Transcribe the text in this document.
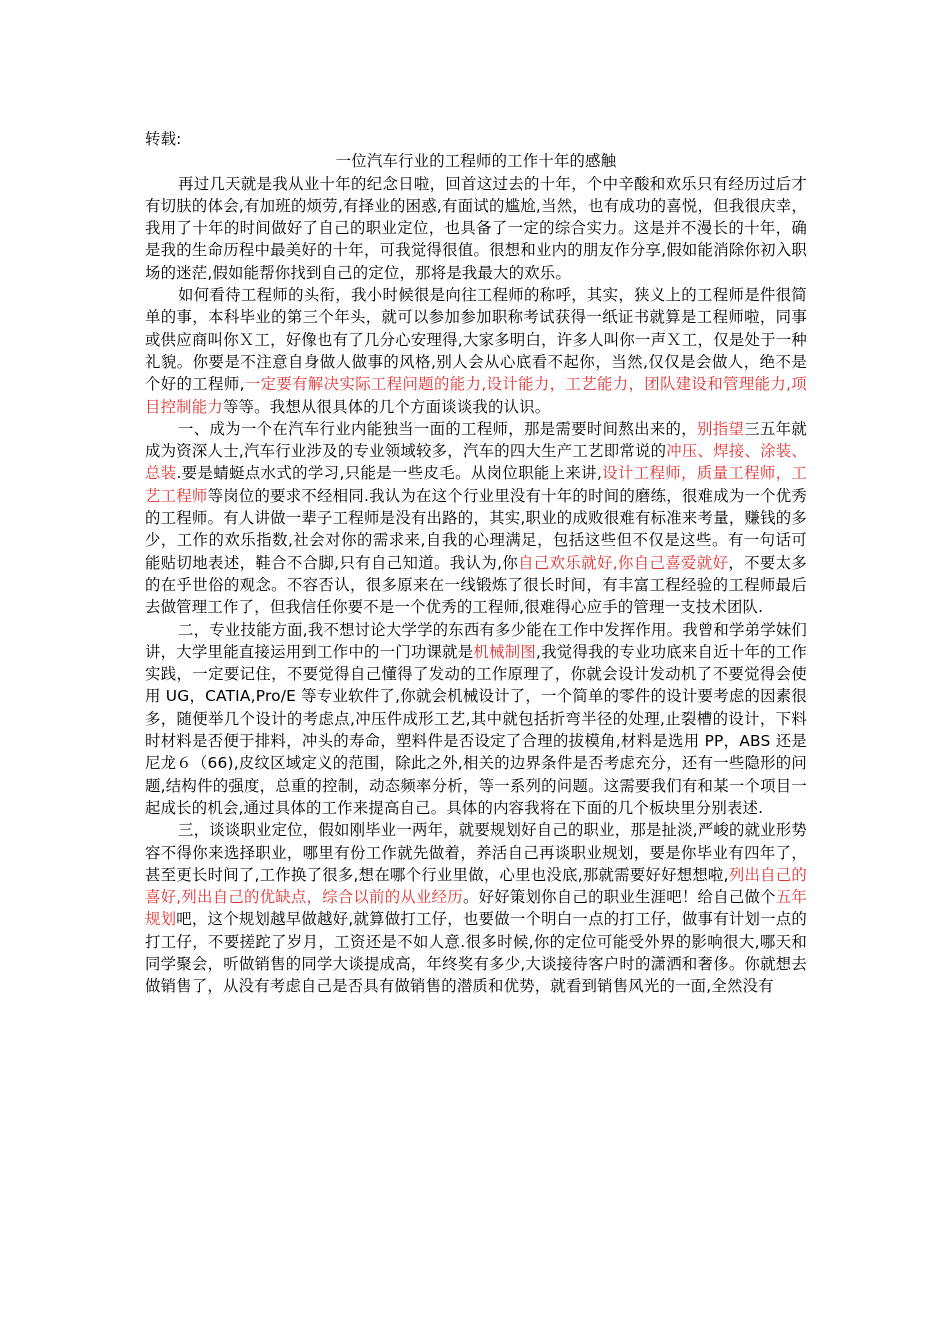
转载:

一位汽车行业的工程师的工作十年的感触

再过几天就是我从业十年的纪念日啦，回首这过去的十年，个中辛酸和欢乐只有经历过后才有切肤的体会,有加班的烦劳,有择业的困惑,有面试的尴尬,当然，也有成功的喜悦，但我很庆幸，我用了十年的时间做好了自己的职业定位，也具备了一定的综合实力。这是并不漫长的十年，确是我的生命历程中最美好的十年，可我觉得很值。很想和业内的朋友作分享,假如能消除你初入职场的迷茫,假如能帮你找到自己的定位，那将是我最大的欢乐。

如何看待工程师的头衔，我小时候很是向往工程师的称呼，其实，狭义上的工程师是件很简单的事，本科毕业的第三个年头，就可以参加参加职称考试获得一纸证书就算是工程师啦，同事或供应商叫你Ｘ工，好像也有了几分心安理得,大家多明白，许多人叫你一声Ｘ工，仅是处于一种礼貌。你要是不注意自身做人做事的风格,别人会从心底看不起你，当然,仅仅是会做人，绝不是个好的工程师,一定要有解决实际工程问题的能力,设计能力，工艺能力，团队建设和管理能力,项目控制能力等等。我想从很具体的几个方面谈谈我的认识。

一、成为一个在汽车行业内能独当一面的工程师，那是需要时间熬出来的，别指望三五年就成为资深人士,汽车行业涉及的专业领域较多，汽车的四大生产工艺即常说的冲压、焊接、涂装、总装.要是蜻蜓点水式的学习,只能是一些皮毛。从岗位职能上来讲,设计工程师，质量工程师，工艺工程师等岗位的要求不经相同.我认为在这个行业里没有十年的时间的磨练，很难成为一个优秀的工程师。有人讲做一辈子工程师是没有出路的，其实,职业的成败很难有标准来考量，赚钱的多少，工作的欢乐指数,社会对你的需求来,自我的心理满足，包括这些但不仅是这些。有一句话可能贴切地表述，鞋合不合脚,只有自己知道。我认为,你自己欢乐就好,你自己喜爱就好，不要太多的在乎世俗的观念。不容否认，很多原来在一线锻炼了很长时间，有丰富工程经验的工程师最后去做管理工作了，但我信任你要不是一个优秀的工程师,很难得心应手的管理一支技术团队.

二，专业技能方面,我不想讨论大学学的东西有多少能在工作中发挥作用。我曾和学弟学妹们讲，大学里能直接运用到工作中的一门功课就是机械制图,我觉得我的专业功底来自近十年的工作实践，一定要记住，不要觉得自己懂得了发动的工作原理了，你就会设计发动机了不要觉得会使用 UG，CATIA,Pro/E 等专业软件了,你就会机械设计了，一个简单的零件的设计要考虑的因素很多，随便举几个设计的考虑点,冲压件成形工艺,其中就包括折弯半径的处理,止裂槽的设计，下料时材料是否便于排料，冲头的寿命，塑料件是否设定了合理的拔模角,材料是选用 PP，ABS 还是尼龙６（66),皮纹区域定义的范围，除此之外,相关的边界条件是否考虑充分，还有一些隐形的问题,结构件的强度，总重的控制，动态频率分析，等一系列的问题。这需要我们有和某一个项目一起成长的机会,通过具体的工作来提高自己。具体的内容我将在下面的几个板块里分别表述.

三，谈谈职业定位，假如刚毕业一两年，就要规划好自己的职业，那是扯淡,严峻的就业形势容不得你来选择职业，哪里有份工作就先做着，养活自己再谈职业规划，要是你毕业有四年了，甚至更长时间了,工作换了很多,想在哪个行业里做，心里也没底,那就需要好好想想啦,列出自己的喜好,列出自己的优缺点，综合以前的从业经历。好好策划你自己的职业生涯吧！给自己做个五年规划吧，这个规划越早做越好,就算做打工仔，也要做一个明白一点的打工仔，做事有计划一点的打工仔，不要搓跎了岁月，工资还是不如人意.很多时候,你的定位可能受外界的影响很大,哪天和同学聚会，听做销售的同学大谈提成高，年终奖有多少,大谈接待客户时的潇洒和奢侈。你就想去做销售了，从没有考虑自己是否具有做销售的潜质和优势，就看到销售风光的一面,全然没有
